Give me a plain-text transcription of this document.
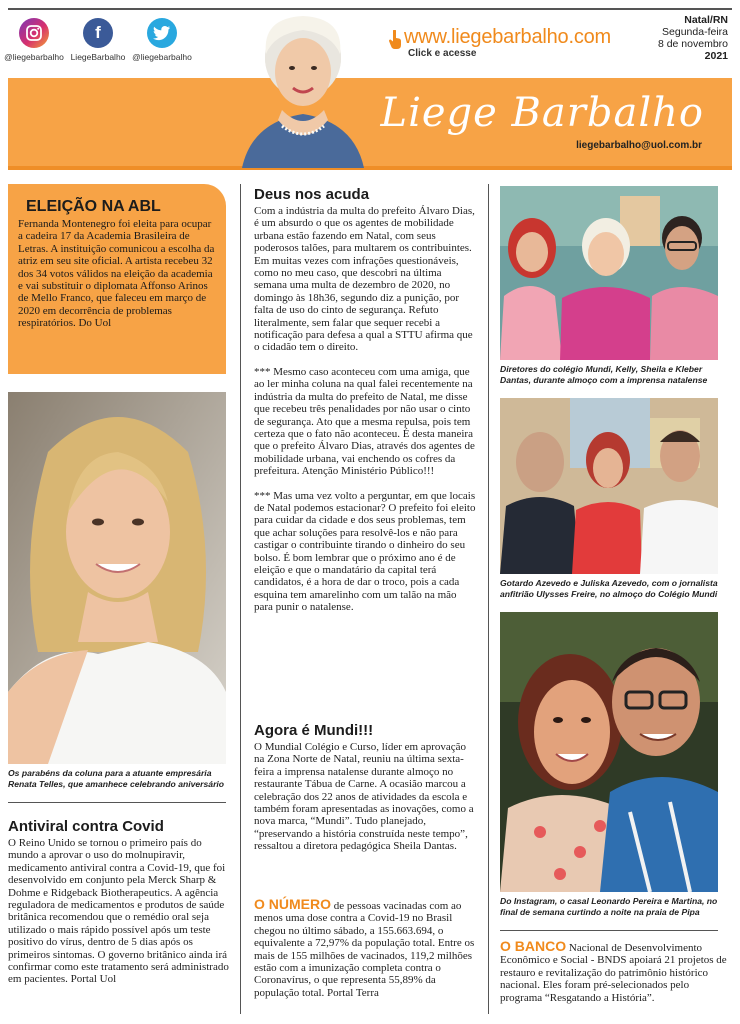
@liegebarbalho
f
LiegeBarbalho @liegebarbalho
www.liegebarbalho.com
Click e acesse
Natal/RN
Segunda-feira
8 de novembro
2021
Liege Barbalho
liegebarbalho@uol.com.br
ELEIÇÃO NA ABL

Fernanda Montenegro foi eleita para ocupar a cadeira 17 da Academia Brasileira de Letras. A instituição comunicou a escolha da atriz em seu site oficial. A artista recebeu 32 dos 34 votos válidos na eleição da academia e vai substituir o diplomata Affonso Arinos de Mello Franco, que faleceu em março de 2020 em decorrência de problemas respiratórios. Do Uol

Os parabéns da coluna para a atuante empresária Renata Telles, que amanhece celebrando aniversário
Antiviral contra Covid

O Reino Unido se tornou o primeiro país do mundo a aprovar o uso do molnupiravir, medicamento antiviral contra a Covid-19, que foi desenvolvido em conjunto pela Merck Sharp & Dohme e Ridgeback Biotherapeutics. A agência reguladora de medicamentos e produtos de saúde britânica recomendou que o remédio oral seja utilizado o mais rápido possível após um teste positivo do vírus, dentro de 5 dias após os primeiros sintomas. O governo britânico ainda irá confirmar como este tratamento será administrado em pacientes. Portal Uol

Deus nos acuda

Com a indústria da multa do prefeito Álvaro Dias, é um absurdo o que os agentes de mobilidade urbana estão fazendo em Natal, com seus poderosos talões, para multarem os contribuintes. Em muitas vezes com infrações questionáveis, como no meu caso, que descobri na última semana uma multa de dezembro de 2020, no domingo às 18h36, segundo diz a punição, por falta de uso do cinto de segurança. Refuto literalmente, sem falar que sequer recebi a notificação para defesa a qual a STTU afirma que o cidadão tem o direito.

*** Mesmo caso aconteceu com uma amiga, que ao ler minha coluna na qual falei recentemente na indústria da multa do prefeito de Natal, me disse que recebeu três penalidades por não usar o cinto de segurança. Ato que a mesma repulsa, pois tem certeza que o fato não aconteceu. É desta maneira que o prefeito Álvaro Dias, através dos agentes de mobilidade urbana, vai enchendo os cofres da prefeitura. Atenção Ministério Público!!!

*** Mas uma vez volto a perguntar, em que locais de Natal podemos estacionar? O prefeito foi eleito para cuidar da cidade e dos seus problemas, tem que achar soluções para resolvê-los e não para castigar o contribuinte tirando o dinheiro do seu bolso. É bom lembrar que o próximo ano é de eleição e que o mandatário da capital terá candidatos, é a hora de dar o troco, pois a cada esquina tem amarelinho com um talão na mão para punir o natalense.

Agora é Mundi!!!

O Mundial Colégio e Curso, líder em aprovação na Zona Norte de Natal, reuniu na última sexta-feira a imprensa natalense durante almoço no restaurante Tábua de Carne. A ocasião marcou a celebração dos 22 anos de atividades da escola e também foram apresentadas as inovações, como a nova marca, “Mundi”. Tudo planejado, “preservando a história construída neste tempo”, ressaltou a diretora pedagógica Sheila Dantas.

O NÚMERO de pessoas vacinadas com ao menos uma dose contra a Covid-19 no Brasil chegou no último sábado, a 155.663.694, o equivalente a 72,97% da população total. Entre os mais de 155 milhões de vacinados, 119,2 milhões estão com a imunização completa contra o Coronavírus, o que representa 55,89% da população total. Portal Terra

Diretores do colégio Mundi, Kelly, Sheila e Kleber Dantas, durante almoço com a imprensa natalense
Gotardo Azevedo e Juliska Azevedo, com o jornalista anfitrião Ulysses Freire, no almoço do Colégio Mundi
Do Instagram, o casal Leonardo Pereira e Martina, no final de semana curtindo a noite na praia de Pipa

O BANCO Nacional de Desenvolvimento Econômico e Social - BNDS apoiará 21 projetos de restauro e revitalização do patrimônio histórico nacional. Eles foram pré-selecionados pelo programa “Resgatando a História”.
